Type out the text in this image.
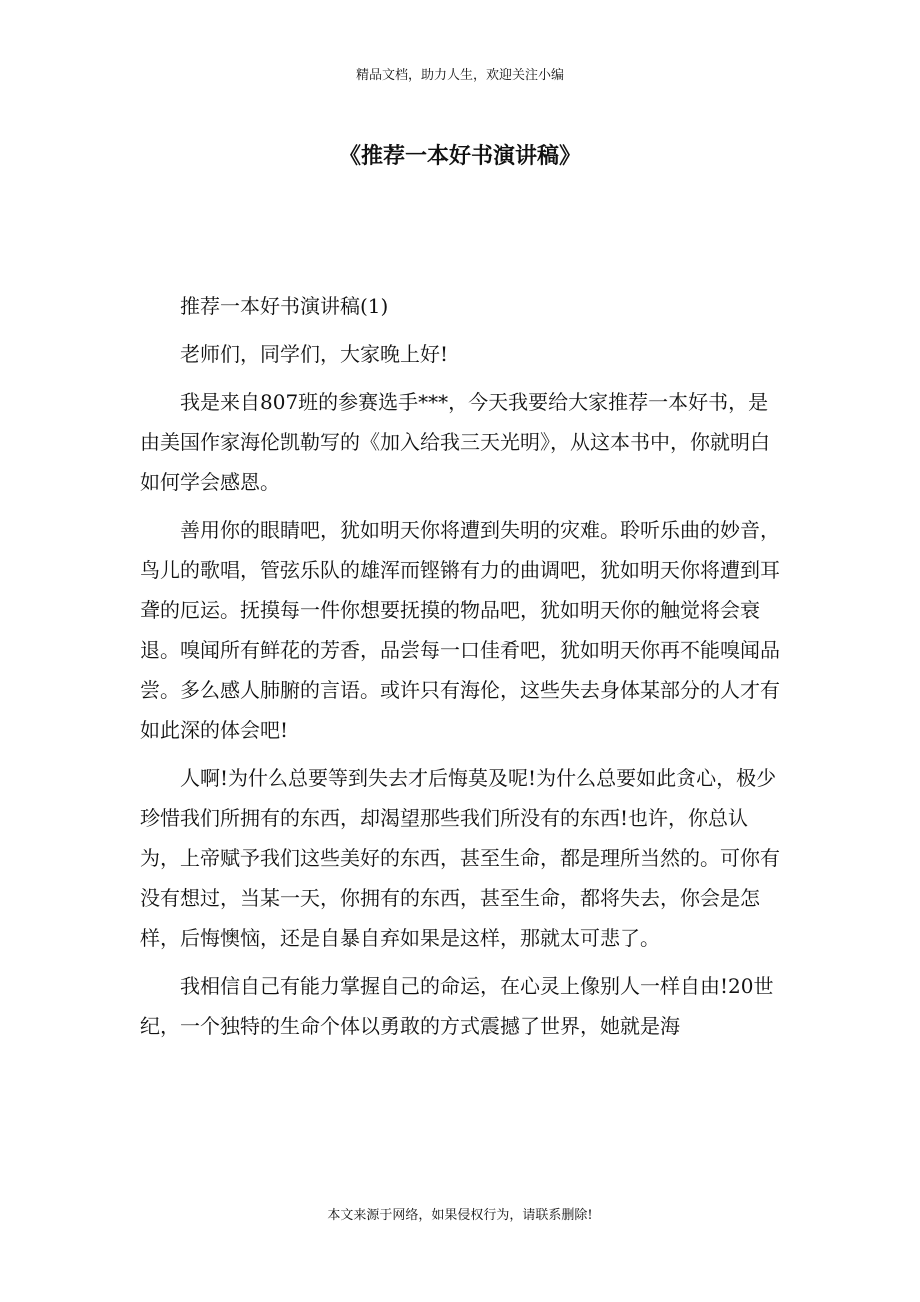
精品文档，助力人生，欢迎关注小编
《推荐一本好书演讲稿》

推荐一本好书演讲稿(1)

老师们，同学们，大家晚上好!

我是来自807班的参赛选手***，今天我要给大家推荐一本好书，是由美国作家海伦凯勒写的《加入给我三天光明》，从这本书中，你就明白如何学会感恩。

善用你的眼睛吧，犹如明天你将遭到失明的灾难。聆听乐曲的妙音，鸟儿的歌唱，管弦乐队的雄浑而铿锵有力的曲调吧，犹如明天你将遭到耳聋的厄运。抚摸每一件你想要抚摸的物品吧，犹如明天你的触觉将会衰退。嗅闻所有鲜花的芳香，品尝每一口佳肴吧，犹如明天你再不能嗅闻品尝。多么感人肺腑的言语。或许只有海伦，这些失去身体某部分的人才有如此深的体会吧!

人啊!为什么总要等到失去才后悔莫及呢!为什么总要如此贪心，极少珍惜我们所拥有的东西，却渴望那些我们所没有的东西!也许，你总认为，上帝赋予我们这些美好的东西，甚至生命，都是理所当然的。可你有没有想过，当某一天，你拥有的东西，甚至生命，都将失去，你会是怎样，后悔懊恼，还是自暴自弃如果是这样，那就太可悲了。

我相信自己有能力掌握自己的命运，在心灵上像别人一样自由!20世纪，一个独特的生命个体以勇敢的方式震撼了世界，她就是海

本文来源于网络，如果侵权行为，请联系删除!
